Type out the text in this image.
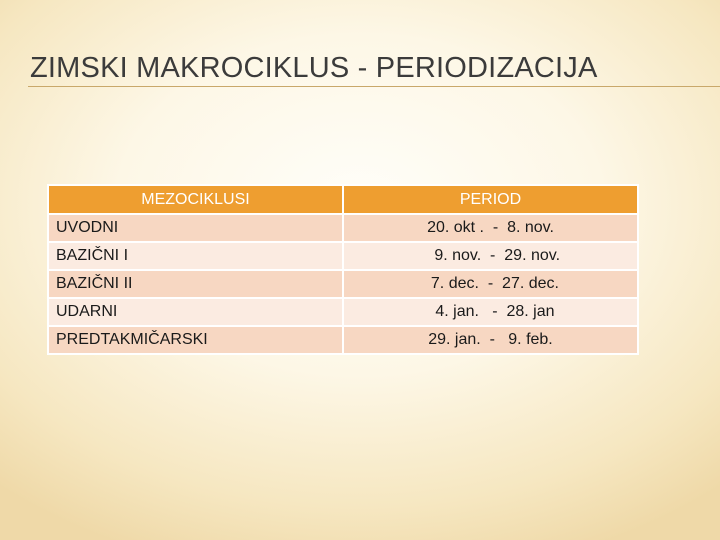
ZIMSKI MAKROCIKLUS - PERIODIZACIJA
MEZOCIKLUSI	PERIOD
UVODNI	20. okt .  -  8. nov.
BAZIČNI I	9. nov.  -  29. nov.
BAZIČNI II	7. dec.  -  27. dec.
UDARNI	4. jan.   -  28. jan
PREDTAKMIČARSKI	29. jan.  -   9. feb.
